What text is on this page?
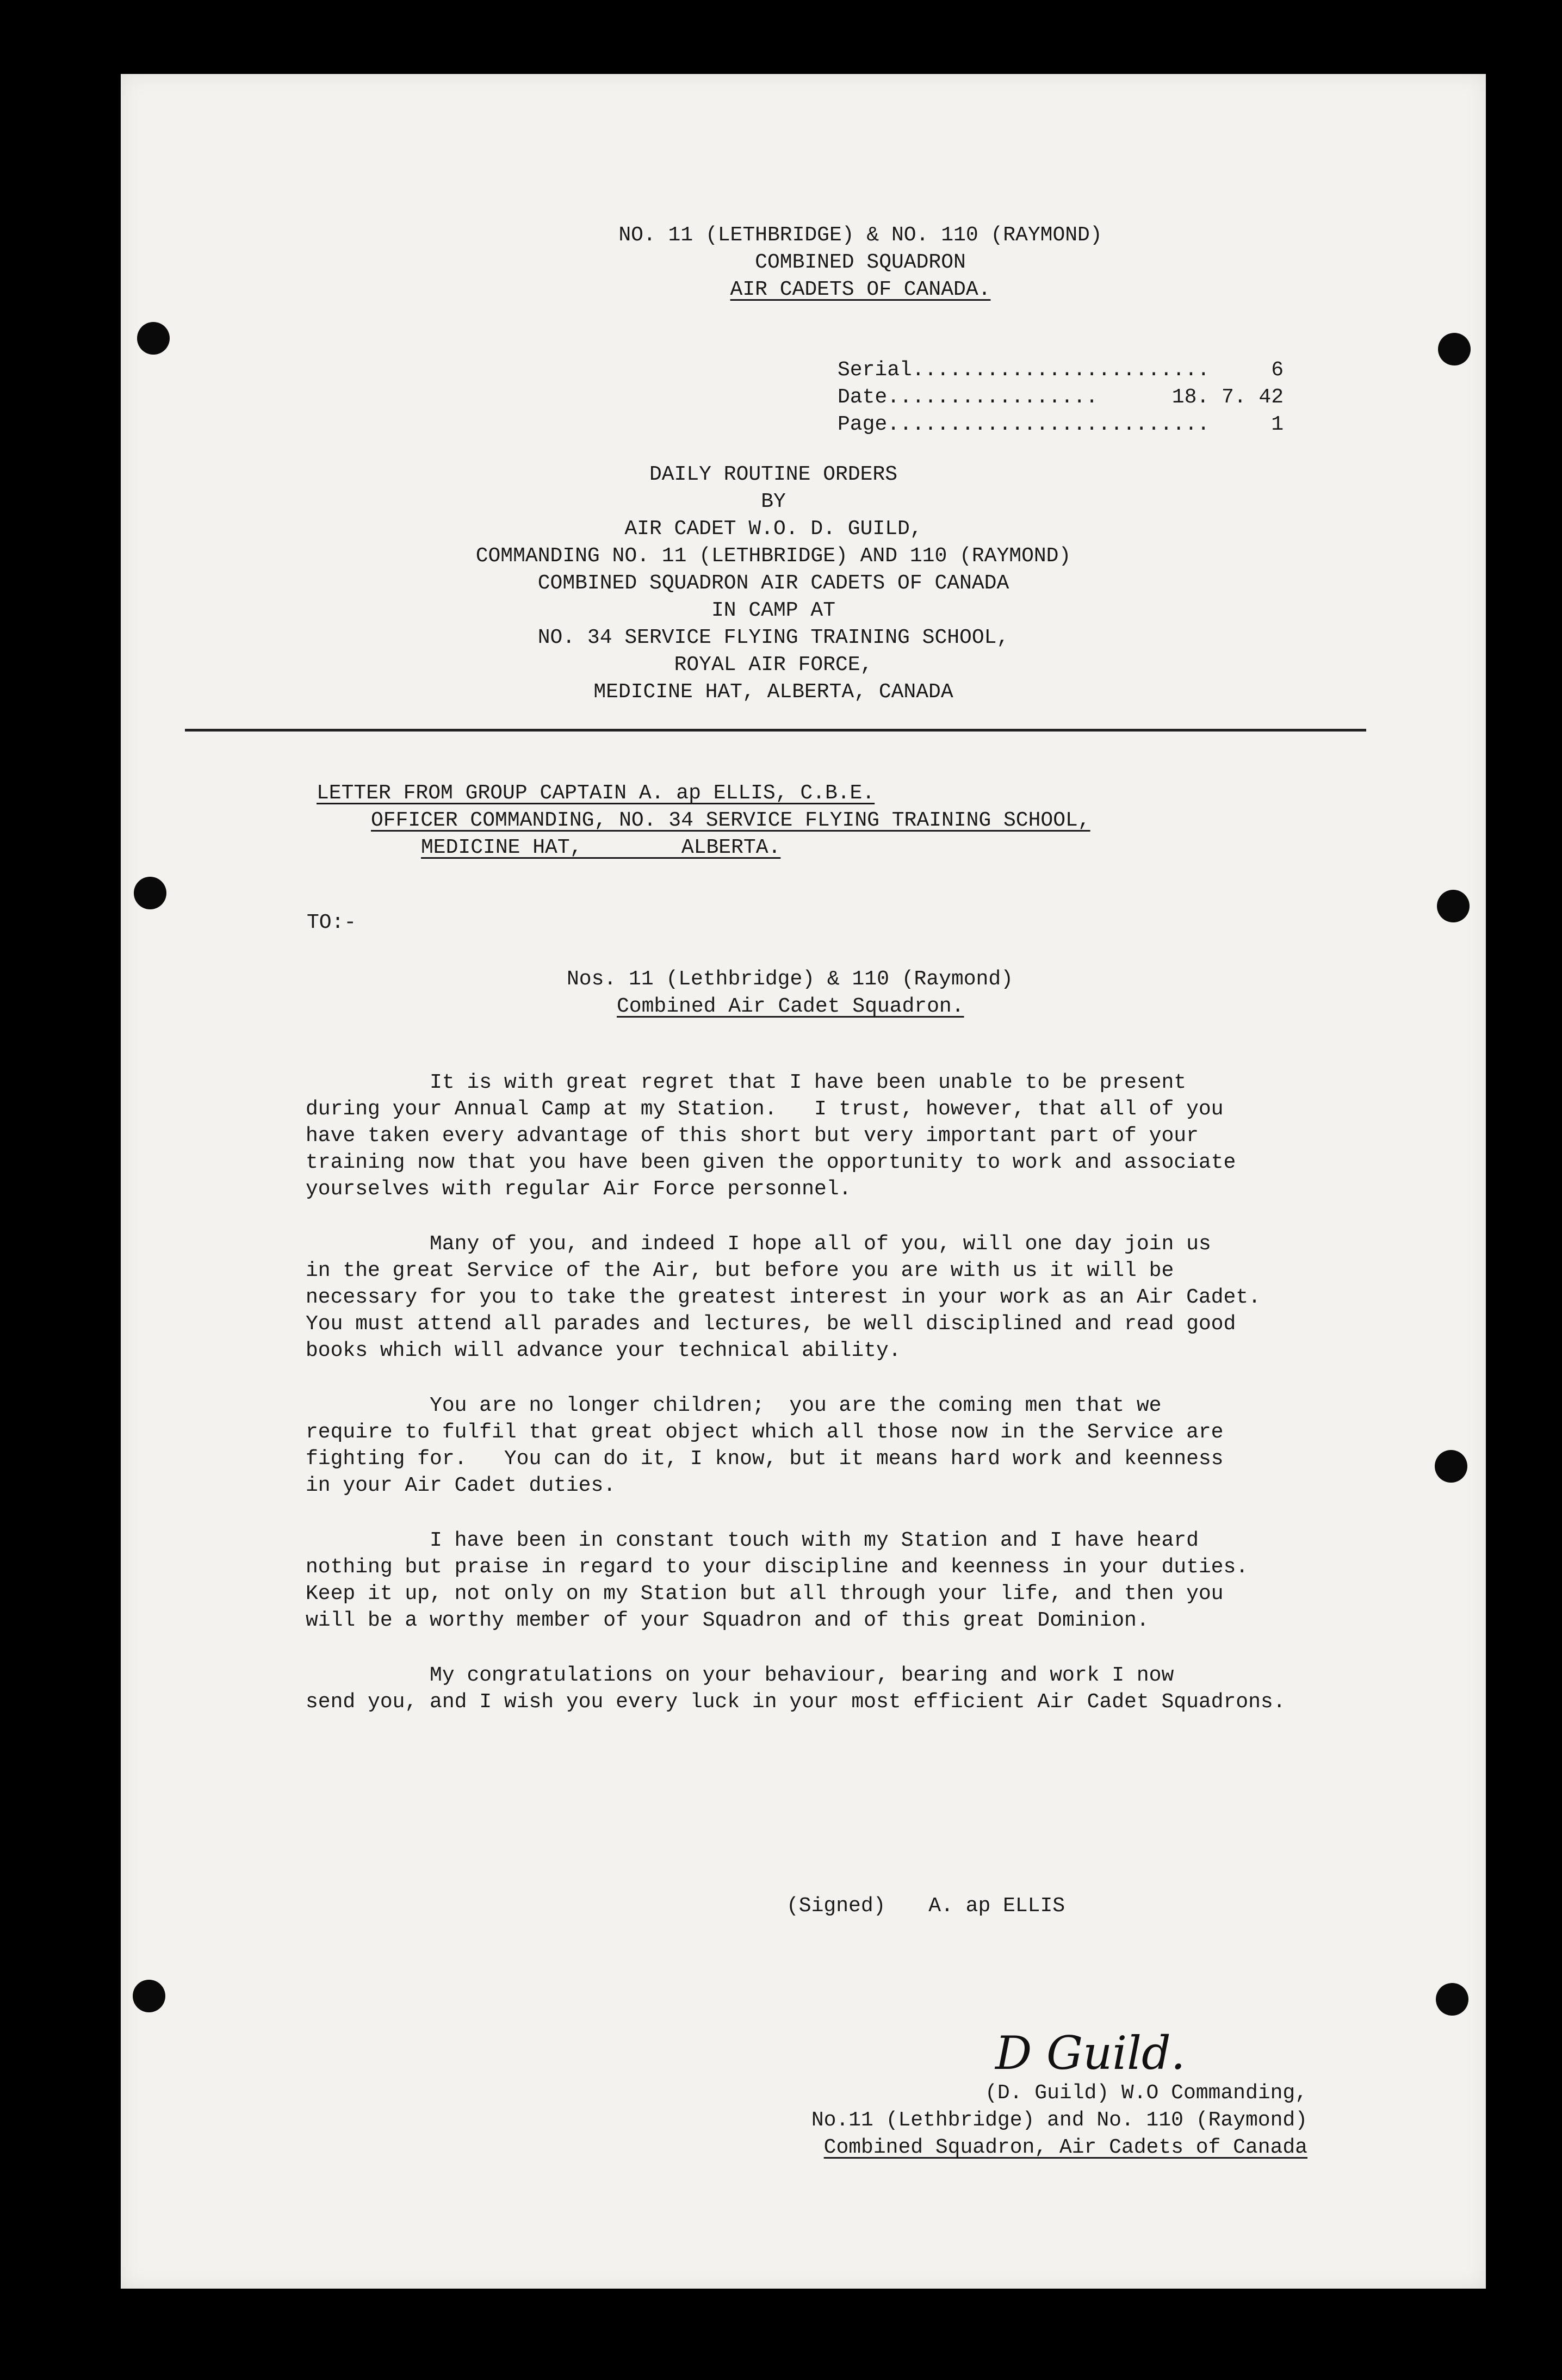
NO. 11 (LETHBRIDGE) & NO. 110 (RAYMOND)
COMBINED SQUADRON
AIR CADETS OF CANADA.
Serial ........................	6
Date .................	18. 7. 42
Page ..........................	1
DAILY ROUTINE ORDERS
BY
AIR CADET W.O. D. GUILD,
COMMANDING NO. 11 (LETHBRIDGE) AND 110 (RAYMOND)
COMBINED SQUADRON AIR CADETS OF CANADA
IN CAMP AT
NO. 34 SERVICE FLYING TRAINING SCHOOL,
ROYAL AIR FORCE,
MEDICINE HAT, ALBERTA, CANADA
LETTER FROM GROUP CAPTAIN A. ap ELLIS, C.B.E.
OFFICER COMMANDING, NO. 34 SERVICE FLYING TRAINING SCHOOL,
MEDICINE HAT,        ALBERTA.
TO:-
Nos. 11 (Lethbridge) & 110 (Raymond)
Combined Air Cadet Squadron.
It is with great regret that I have been unable to be present
during your Annual Camp at my Station.   I trust, however, that all of you
have taken every advantage of this short but very important part of your
training now that you have been given the opportunity to work and associate
yourselves with regular Air Force personnel.
Many of you, and indeed I hope all of you, will one day join us
in the great Service of the Air, but before you are with us it will be
necessary for you to take the greatest interest in your work as an Air Cadet.
You must attend all parades and lectures, be well disciplined and read good
books which will advance your technical ability.
You are no longer children;  you are the coming men that we
require to fulfil that great object which all those now in the Service are
fighting for.   You can do it, I know, but it means hard work and keenness
in your Air Cadet duties.
I have been in constant touch with my Station and I have heard
nothing but praise in regard to your discipline and keenness in your duties.
Keep it up, not only on my Station but all through your life, and then you
will be a worthy member of your Squadron and of this great Dominion.
My congratulations on your behaviour, bearing and work I now
send you, and I wish you every luck in your most efficient Air Cadet Squadrons.
(Signed) A. ap ELLIS
D Guild.
(D. Guild) W.O Commanding,
No.11 (Lethbridge) and No. 110 (Raymond)
Combined Squadron, Air Cadets of Canada
